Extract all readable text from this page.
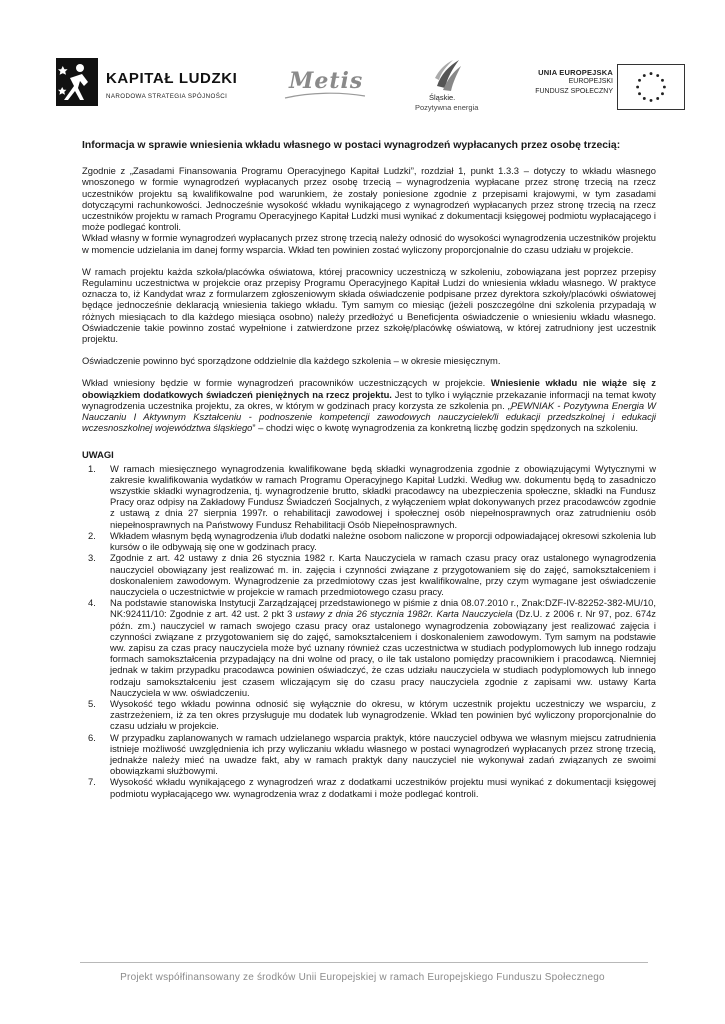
KAPITAŁ LUDZKI
NARODOWA STRATEGIA SPÓJNOŚCI
Metis
Śląskie.
Pozytywna energia
UNIA EUROPEJSKA
EUROPEJSKI
FUNDUSZ SPOŁECZNY
Informacja w sprawie wniesienia wkładu własnego w postaci wynagrodzeń wypłacanych przez osobę trzecią:

Zgodnie z „Zasadami Finansowania Programu Operacyjnego Kapitał Ludzki”, rozdział 1, punkt 1.3.3 – dotyczy to wkładu własnego wnoszonego w formie wynagrodzeń wypłacanych przez osobę trzecią – wynagrodzenia wypłacane przez stronę trzecią na rzecz uczestników projektu są kwalifikowalne pod warunkiem, że zostały poniesione zgodnie z przepisami krajowymi, w tym zasadami dotyczącymi rachunkowości. Jednocześnie wysokość wkładu wynikającego z wynagrodzeń wypłacanych przez stronę trzecią na rzecz uczestników projektu w ramach Programu Operacyjnego Kapitał Ludzki musi wynikać z dokumentacji księgowej podmiotu wypłacającego i może podlegać kontroli.

Wkład własny w formie wynagrodzeń wypłacanych przez stronę trzecią należy odnosić do wysokości wynagrodzenia uczestników projektu w momencie udzielania im danej formy wsparcia. Wkład ten powinien zostać wyliczony proporcjonalnie do czasu udziału w projekcie.

W ramach projektu każda szkoła/placówka oświatowa, której pracownicy uczestniczą w szkoleniu, zobowiązana jest poprzez przepisy Regulaminu uczestnictwa w projekcie oraz przepisy Programu Operacyjnego Kapitał Ludzi do wniesienia wkładu własnego. W praktyce oznacza to, iż Kandydat wraz z formularzem zgłoszeniowym składa oświadczenie podpisane przez dyrektora szkoły/placówki oświatowej będące jednocześnie deklaracją wniesienia takiego wkładu. Tym samym co miesiąc (jeżeli poszczególne dni szkolenia przypadają w różnych miesiącach to dla każdego miesiąca osobno) należy przedłożyć u Beneficjenta oświadczenie o wniesieniu wkładu własnego. Oświadczenie takie powinno zostać wypełnione i zatwierdzone przez szkołę/placówkę oświatową, w której zatrudniony jest uczestnik projektu.
Oświadczenie powinno być sporządzone oddzielnie dla każdego szkolenia – w okresie miesięcznym.
Wkład wniesiony będzie w formie wynagrodzeń pracowników uczestniczących w projekcie. Wniesienie wkładu nie wiąże się z obowiązkiem dodatkowych świadczeń pieniężnych na rzecz projektu. Jest to tylko i wyłącznie przekazanie informacji na temat kwoty wynagrodzenia uczestnika projektu, za okres, w którym w godzinach pracy korzysta ze szkolenia pn. „PEWNIAK - Pozytywna Energia W Nauczaniu I Aktywnym Kształceniu - podnoszenie kompetencji zawodowych nauczycielek/li edukacji przedszkolnej i edukacji wczesnoszkolnej województwa śląskiego” – chodzi więc o kwotę wynagrodzenia za konkretną liczbę godzin spędzonych na szkoleniu.
UWAGI
1.	W ramach miesięcznego wynagrodzenia kwalifikowane będą składki wynagrodzenia zgodnie z obowiązującymi Wytycznymi w zakresie kwalifikowania wydatków w ramach Programu Operacyjnego Kapitał Ludzki. Według ww. dokumentu będą to zasadniczo wszystkie składki wynagrodzenia, tj. wynagrodzenie brutto, składki pracodawcy na ubezpieczenia społeczne, składki na Fundusz Pracy oraz odpisy na Zakładowy Fundusz Świadczeń Socjalnych, z wyłączeniem wpłat dokonywanych przez pracodawców zgodnie z ustawą z dnia 27 sierpnia 1997r. o rehabilitacji zawodowej i społecznej osób niepełnosprawnych oraz zatrudnieniu osób niepełnosprawnych na Państwowy Fundusz Rehabilitacji Osób Niepełnosprawnych.
2.	Wkładem własnym będą wynagrodzenia i/lub dodatki należne osobom naliczone w proporcji odpowiadającej okresowi szkolenia lub kursów o ile odbywają się one w godzinach pracy.
3.	Zgodnie z art. 42 ustawy z dnia 26 stycznia 1982 r. Karta Nauczyciela w ramach czasu pracy oraz ustalonego wynagrodzenia nauczyciel obowiązany jest realizować m. in. zajęcia i czynności związane z przygotowaniem się do zajęć, samokształceniem i doskonaleniem zawodowym. Wynagrodzenie za przedmiotowy czas jest kwalifikowalne, przy czym wymagane jest oświadczenie nauczyciela o uczestnictwie w projekcie w ramach przedmiotowego czasu pracy.
4.	Na podstawie stanowiska Instytucji Zarządzającej przedstawionego w piśmie z dnia 08.07.2010 r., Znak:DZF-IV-82252-382-MU/10, NK:92411/10: Zgodnie z art. 42 ust. 2 pkt 3 ustawy z dnia 26 stycznia 1982r. Karta Nauczyciela (Dz.U. z 2006 r. Nr 97, poz. 674z późn. zm.) nauczyciel w ramach swojego czasu pracy oraz ustalonego wynagrodzenia zobowiązany jest realizować zajęcia i czynności związane z przygotowaniem się do zajęć, samokształceniem i doskonaleniem zawodowym. Tym samym na podstawie ww. zapisu za czas pracy nauczyciela może być uznany również czas uczestnictwa w studiach podyplomowych lub innego rodzaju formach samokształcenia przypadający na dni wolne od pracy, o ile tak ustalono pomiędzy pracownikiem i pracodawcą. Niemniej jednak w takim przypadku pracodawca powinien oświadczyć, że czas udziału nauczyciela w studiach podyplomowych lub innego rodzaju samokształceniu jest czasem wliczającym się do czasu pracy nauczyciela zgodnie z zapisami ww. ustawy Karta Nauczyciela w ww. oświadczeniu.
5.	Wysokość tego wkładu powinna odnosić się wyłącznie do okresu, w którym uczestnik projektu uczestniczy we wsparciu, z zastrzeżeniem, iż za ten okres przysługuje mu dodatek lub wynagrodzenie. Wkład ten powinien być wyliczony proporcjonalnie do czasu udziału w projekcie.
6.	W przypadku zaplanowanych w ramach udzielanego wsparcia praktyk, które nauczyciel odbywa we własnym miejscu zatrudnienia istnieje możliwość uwzględnienia ich przy wyliczaniu wkładu własnego w postaci wynagrodzeń wypłacanych przez stronę trzecią, jednakże należy mieć na uwadze fakt, aby w ramach praktyk dany nauczyciel nie wykonywał zadań związanych ze swoimi obowiązkami służbowymi.
7.	Wysokość wkładu wynikającego z wynagrodzeń wraz z dodatkami uczestników projektu musi wynikać z dokumentacji księgowej podmiotu wypłacającego ww. wynagrodzenia wraz z dodatkami i może podlegać kontroli.
Projekt współfinansowany ze środków Unii Europejskiej w ramach Europejskiego Funduszu Społecznego
